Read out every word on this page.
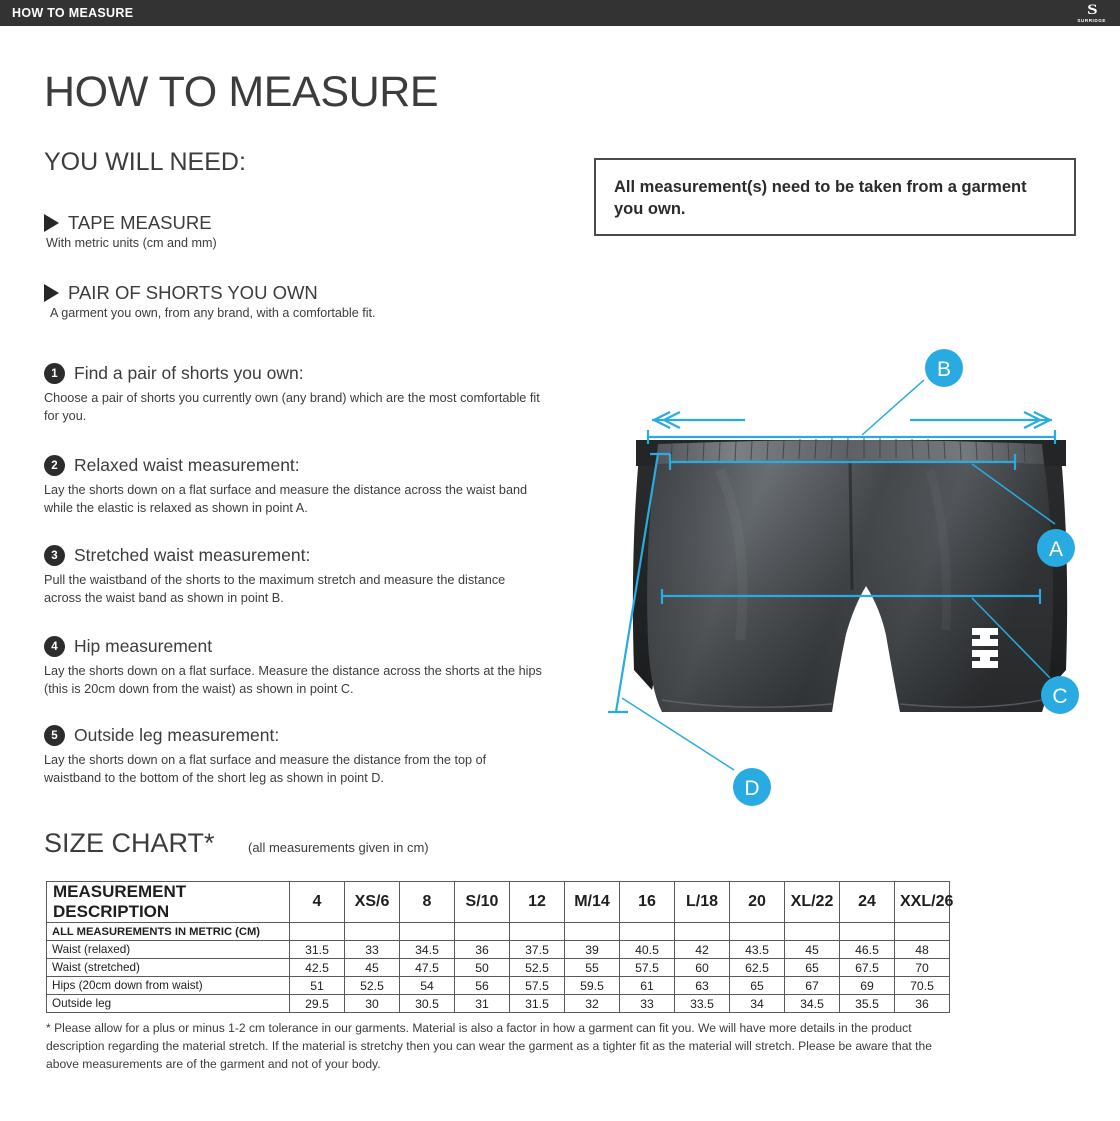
HOW TO MEASURE	S
SURRIDGE
HOW TO MEASURE
YOU WILL NEED:
TAPE MEASURE
With metric units (cm and mm)
PAIR OF SHORTS YOU OWN
A garment you own, from any brand, with a comfortable fit.
1 Find a pair of shorts you own:
Choose a pair of shorts you currently own (any brand) which are the most comfortable fit for you.
2 Relaxed waist measurement:
Lay the shorts down on a flat surface and measure the distance across the waist band while the elastic is relaxed as shown in point A.
3 Stretched waist measurement:
Pull the waistband of the shorts to the maximum stretch and measure the distance across the waist band as shown in point B.
4 Hip measurement
Lay the shorts down on a flat surface. Measure the distance across the shorts at the hips (this is 20cm down from the waist) as shown in point C.
5 Outside leg measurement:
Lay the shorts down on a flat surface and measure the distance from the top of waistband to the bottom of the short leg as shown in point D.
All measurement(s) need to be taken from a garment you own.
B
A
C
D
SIZE CHART*	(all measurements given in cm)
MEASUREMENT DESCRIPTION	4	XS/6	8	S/10	12	M/14	16	L/18	20	XL/22	24	XXL/26
ALL MEASUREMENTS IN METRIC (CM)												
Waist (relaxed)	31.5	33	34.5	36	37.5	39	40.5	42	43.5	45	46.5	48
Waist (stretched)	42.5	45	47.5	50	52.5	55	57.5	60	62.5	65	67.5	70
Hips (20cm down from waist)	51	52.5	54	56	57.5	59.5	61	63	65	67	69	70.5
Outside leg	29.5	30	30.5	31	31.5	32	33	33.5	34	34.5	35.5	36
* Please allow for a plus or minus 1-2 cm tolerance in our garments. Material is also a factor in how a garment can fit you. We will have more details in the product description regarding the material stretch. If the material is stretchy then you can wear the garment as a tighter fit as the material will stretch. Please be aware that the above measurements are of the garment and not of your body.
